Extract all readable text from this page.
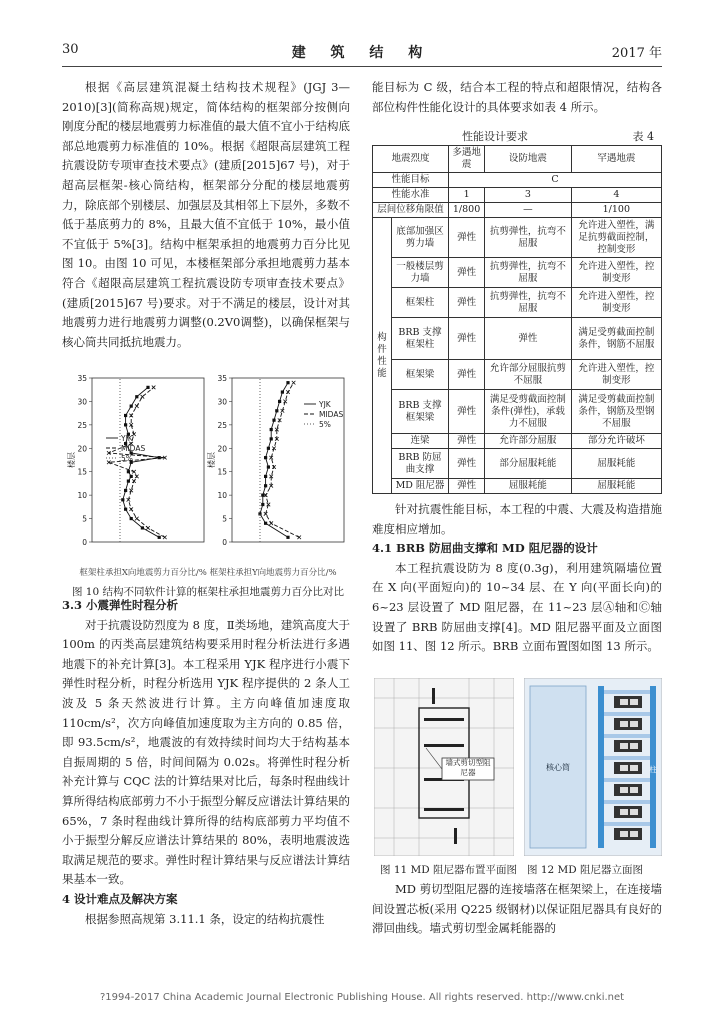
30	建 筑 结 构	2017 年

根据《高层建筑混凝土结构技术规程》(JGJ 3—2010)[3](简称高规)规定，简体结构的框架部分按侧向刚度分配的楼层地震剪力标准值的最大值不宜小于结构底部总地震剪力标准值的 10%。根据《超限高层建筑工程抗震设防专项审查技术要点》(建质[2015]67 号)，对于超高层框架-核心筒结构，框架部分分配的楼层地震剪力，除底部个别楼层、加强层及其相邻上下层外，多数不低于基底剪力的 8%，且最大值不宜低于 10%，最小值不宜低于 5%[3]。结构中框架承担的地震剪力百分比见图 10。由图 10 可见，本楼框架部分承担地震剪力基本符合《超限高层建筑工程抗震设防专项审查技术要点》(建质[2015]67 号)要求。对于不满足的楼层，设计对其地震剪力进行地震剪力调整(0.2V0调整)，以确保框架与核心筒共同抵抗地震力。

0
5
10
15
20
25
30
35
楼层
YJK
MIDAS
5%
0
5
10
15
20
25
30
35
楼层
YJK
MIDAS
5%
框架柱承担X向地震剪力百分比/% 框架柱承担Y向地震剪力百分比/%
图 10 结构不同软件计算的框架柱承担地震剪力百分比对比

3.3 小震弹性时程分析

对于抗震设防烈度为 8 度，Ⅱ类场地，建筑高度大于 100m 的丙类高层建筑结构要采用时程分析法进行多遇地震下的补充计算[3]。本工程采用 YJK 程序进行小震下弹性时程分析，时程分析选用 YJK 程序提供的 2 条人工波及 5 条天然波进行计算。主方向峰值加速度取 110cm/s²，次方向峰值加速度取为主方向的 0.85 倍，即 93.5cm/s²，地震波的有效持续时间均大于结构基本自振周期的 5 倍，时间间隔为 0.02s。将弹性时程分析补充计算与 CQC 法的计算结果对比后，每条时程曲线计算所得结构底部剪力不小于振型分解反应谱法计算结果的 65%，7 条时程曲线计算所得的结构底部剪力平均值不小于振型分解反应谱法计算结果的 80%，表明地震波选取满足规范的要求。弹性时程计算结果与反应谱法计算结果基本一致。

4 设计难点及解决方案

根据参照高规第 3.11.1 条，设定的结构抗震性

能目标为 C 级，结合本工程的特点和超限情况，结构各部位构件性能化设计的具体要求如表 4 所示。

性能设计要求	表 4
地震烈度		多遇地震	设防地震	罕遇地震
性能目标		C		
性能水准		1	3	4
层间位移角限值		1/800	—	1/100
构件性能	底部加强区剪力墙	弹性	抗剪弹性，抗弯不屈服	允许进入塑性，满足抗剪截面控制，控制变形
	一般楼层剪力墙	弹性	抗剪弹性，抗弯不屈服	允许进入塑性，控制变形
	框架柱	弹性	抗剪弹性，抗弯不屈服	允许进入塑性，控制变形
	BRB 支撑框架柱	弹性	弹性	满足受剪截面控制条件，钢筋不屈服
	框架梁	弹性	允许部分屈服抗剪不屈服	允许进入塑性，控制变形
	BRB 支撑框架梁	弹性	满足受剪截面控制条件(弹性)，承载力不屈服	满足受剪截面控制条件，钢筋及型钢不屈服
	连梁	弹性	允许部分屈服	部分允许破坏
	BRB 防屈曲支撑	弹性	部分屈服耗能	屈服耗能
	MD 阻尼器	弹性	屈服耗能	屈服耗能

针对抗震性能目标，本工程的中震、大震及构造措施难度相应增加。

4.1 BRB 防屈曲支撑和 MD 阻尼器的设计

本工程抗震设防为 8 度(0.3g)，利用建筑隔墙位置在 X 向(平面短向)的 10~34 层、在 Y 向(平面长向)的 6~23 层设置了 MD 阻尼器，在 11~23 层Ⓐ轴和Ⓒ轴设置了 BRB 防屈曲支撑[4]。MD 阻尼器平面及立面图如图 11、图 12 所示。BRB 立面布置图如图 13 所示。

墙式剪切型阻尼器
核心筒	柱
图 11 MD 阻尼器布置平面图 图 12 MD 阻尼器立面图

MD 剪切型阻尼器的连接墙落在框架梁上，在连接墙间设置芯板(采用 Q225 级钢材)以保证阻尼器具有良好的滞回曲线。墙式剪切型金属耗能器的

?1994-2017 China Academic Journal Electronic Publishing House. All rights reserved. http://www.cnki.net
